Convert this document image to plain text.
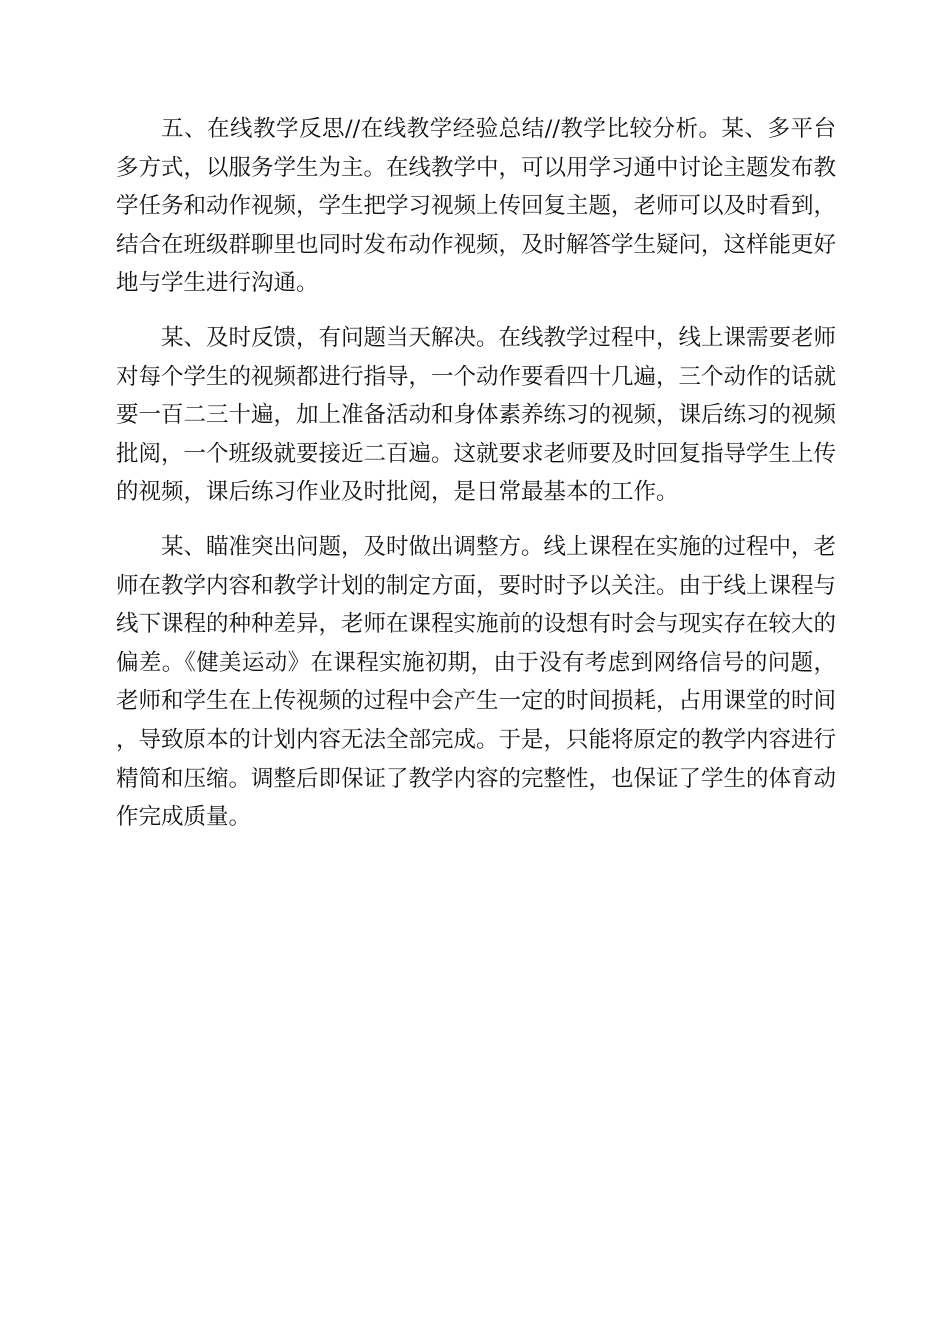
五、在线教学反思//在线教学经验总结//教学比较分析。某、多平台多方式，以服务学生为主。在线教学中，可以用学习通中讨论主题发布教学任务和动作视频，学生把学习视频上传回复主题，老师可以及时看到，结合在班级群聊里也同时发布动作视频，及时解答学生疑问，这样能更好地与学生进行沟通。

某、及时反馈，有问题当天解决。在线教学过程中，线上课需要老师对每个学生的视频都进行指导，一个动作要看四十几遍，三个动作的话就要一百二三十遍，加上准备活动和身体素养练习的视频，课后练习的视频批阅，一个班级就要接近二百遍。这就要求老师要及时回复指导学生上传的视频，课后练习作业及时批阅，是日常最基本的工作。

某、瞄准突出问题，及时做出调整方。线上课程在实施的过程中，老师在教学内容和教学计划的制定方面，要时时予以关注。由于线上课程与线下课程的种种差异，老师在课程实施前的设想有时会与现实存在较大的偏差。《健美运动》在课程实施初期，由于没有考虑到网络信号的问题，老师和学生在上传视频的过程中会产生一定的时间损耗，占用课堂的时间，导致原本的计划内容无法全部完成。于是，只能将原定的教学内容进行精简和压缩。调整后即保证了教学内容的完整性，也保证了学生的体育动作完成质量。
